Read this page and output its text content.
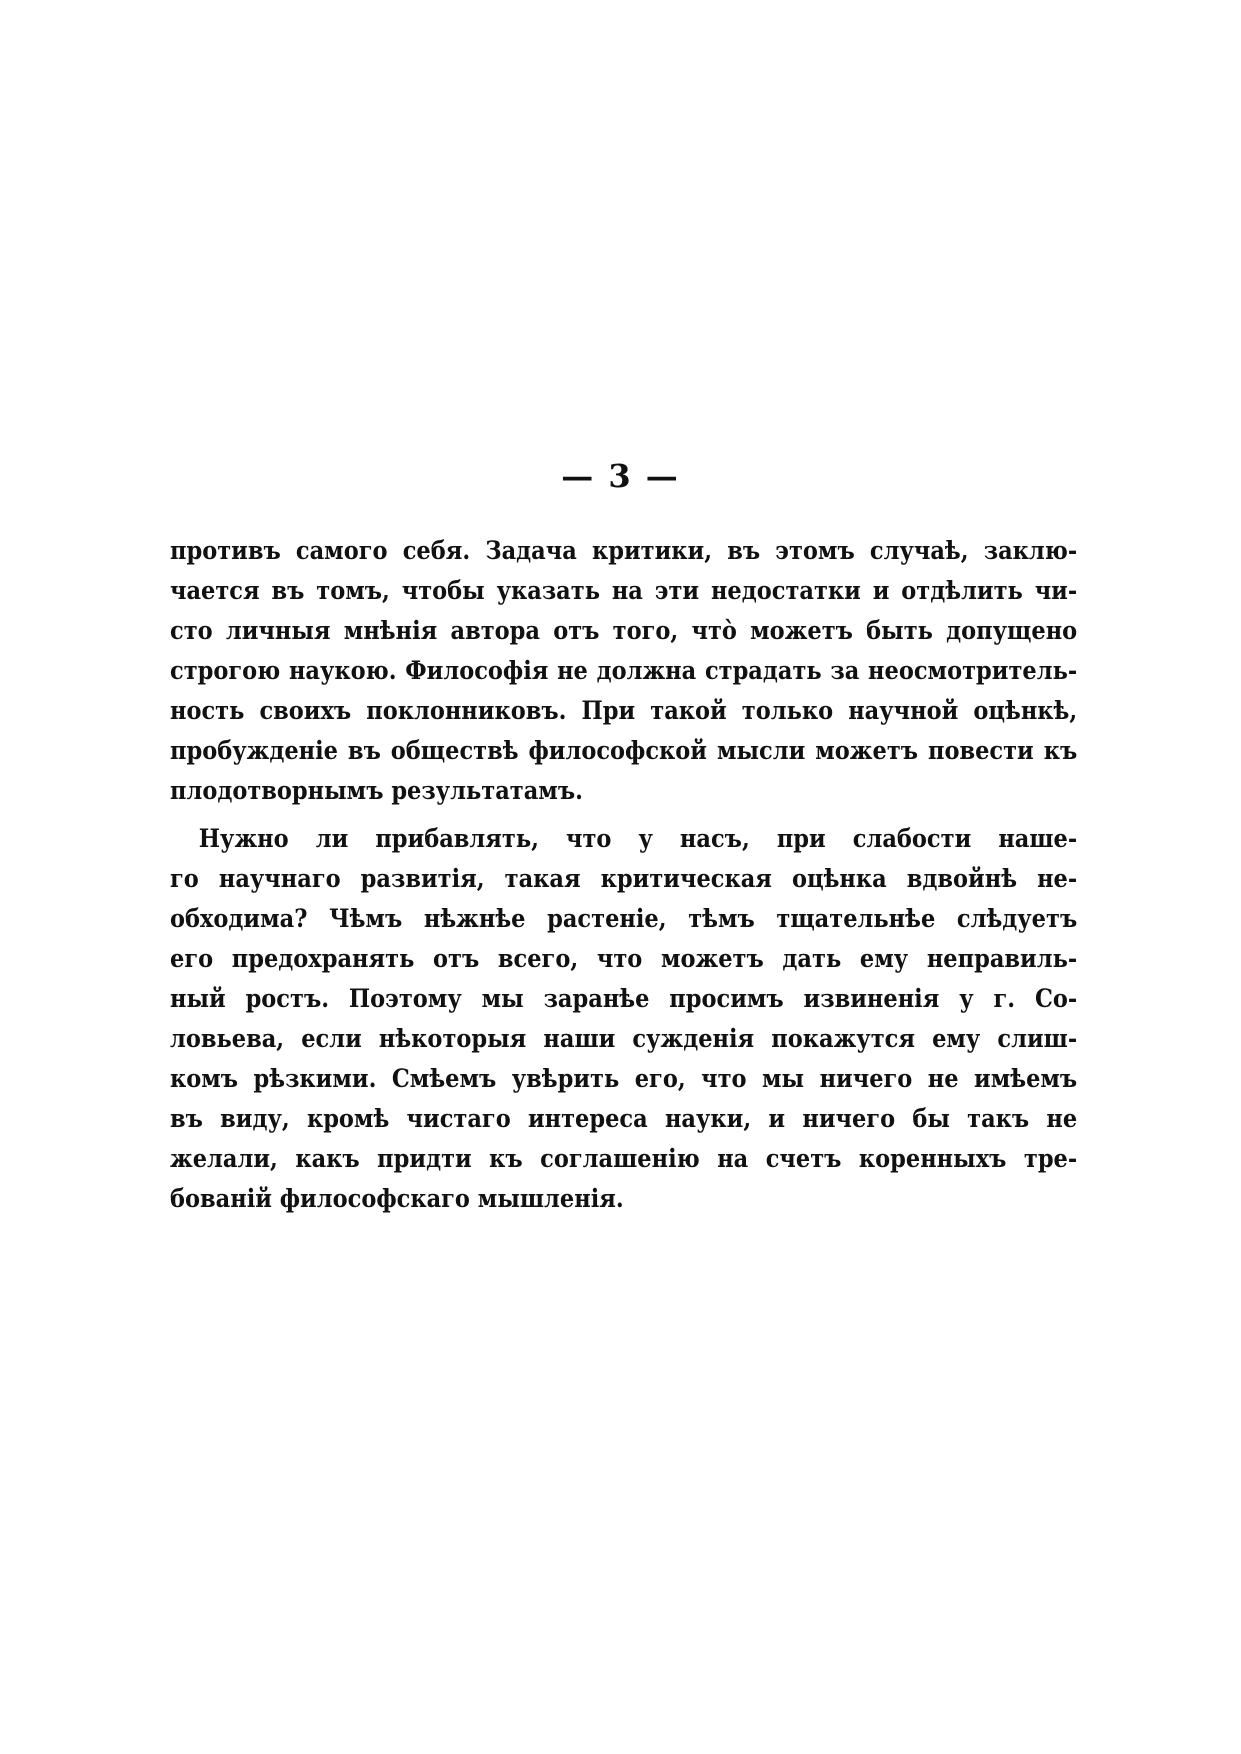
— 3 —
противъ самого себя. Задача критики, въ этомъ случаѣ, заклю-
чается въ томъ, чтобы указать на эти недостатки и отдѣлить чи-
сто личныя мнѣнія автора отъ того, что̀ можетъ быть допущено
строгою наукою. Философія не должна страдать за неосмотритель-
ность своихъ поклонниковъ. При такой только научной оцѣнкѣ,
пробужденіе въ обществѣ философской мысли можетъ повести къ
плодотворнымъ результатамъ.
Нужно ли прибавлять, что у насъ, при слабости наше-
го научнаго развитія, такая критическая оцѣнка вдвойнѣ не-
обходима? Чѣмъ нѣжнѣе растеніе, тѣмъ тщательнѣе слѣдуетъ
его предохранять отъ всего, что можетъ дать ему неправиль-
ный ростъ. Поэтому мы заранѣе просимъ извиненія у г. Со-
ловьева, если нѣкоторыя наши сужденія покажутся ему слиш-
комъ рѣзкими. Смѣемъ увѣрить его, что мы ничего не имѣемъ
въ виду, кромѣ чистаго интереса науки, и ничего бы такъ не
желали, какъ придти къ соглашенію на счетъ коренныхъ тре-
бованій философскаго мышленія.
